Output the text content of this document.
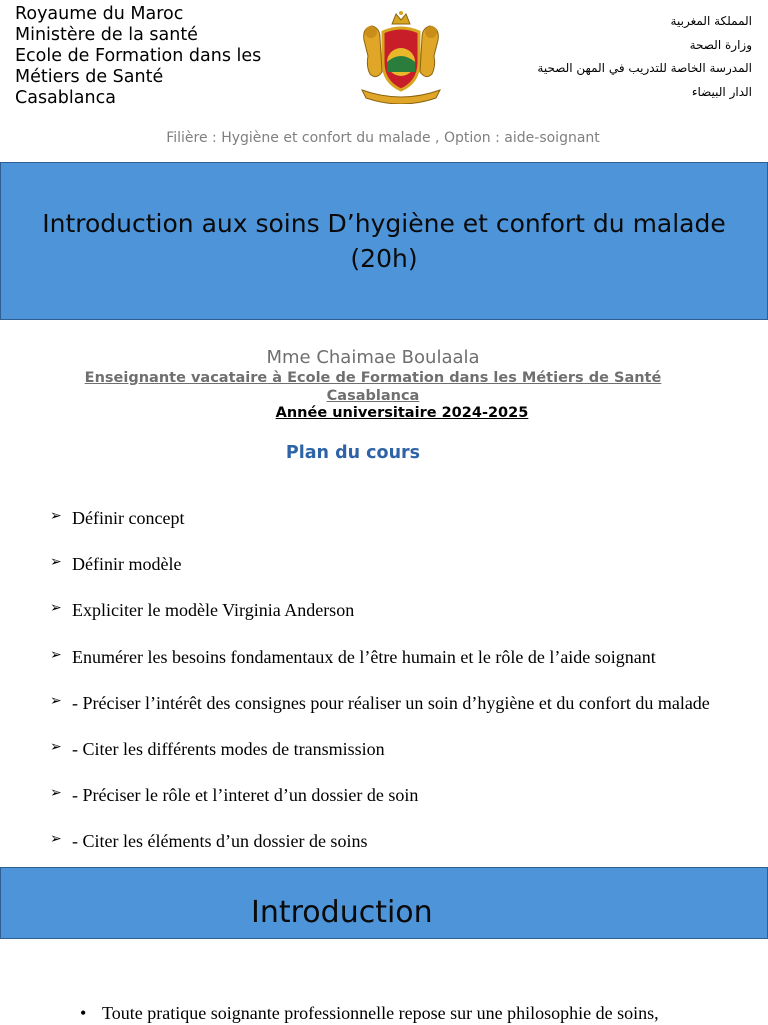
Royaume du Maroc
Ministère de la santé
Ecole de Formation dans les
Métiers de Santé
Casablanca
المملكة المغربية
وزارة الصحة
المدرسة الخاصة للتدريب في المهن الصحية
الدار البيضاء
Filière : Hygiène et confort du malade , Option : aide-soignant
Introduction aux soins D’hygiène et confort du malade (20h)
Mme Chaimae Boulaala
Enseignante vacataire à Ecole de Formation dans les Métiers de Santé Casablanca
Année universitaire 2024-2025
Plan du cours
➢ Définir concept
➢ Définir modèle
➢ Expliciter le modèle Virginia Anderson
➢ Enumérer les besoins fondamentaux de l’être humain et le rôle de l’aide soignant
➢ - Préciser l’intérêt des consignes pour réaliser un soin d’hygiène et du confort du malade
➢ - Citer les différents modes de transmission
➢ - Préciser le rôle et l’interet d’un dossier de soin
➢ - Citer les éléments d’un dossier de soins
Introduction
• Toute pratique soignante professionnelle repose sur une philosophie de soins,
